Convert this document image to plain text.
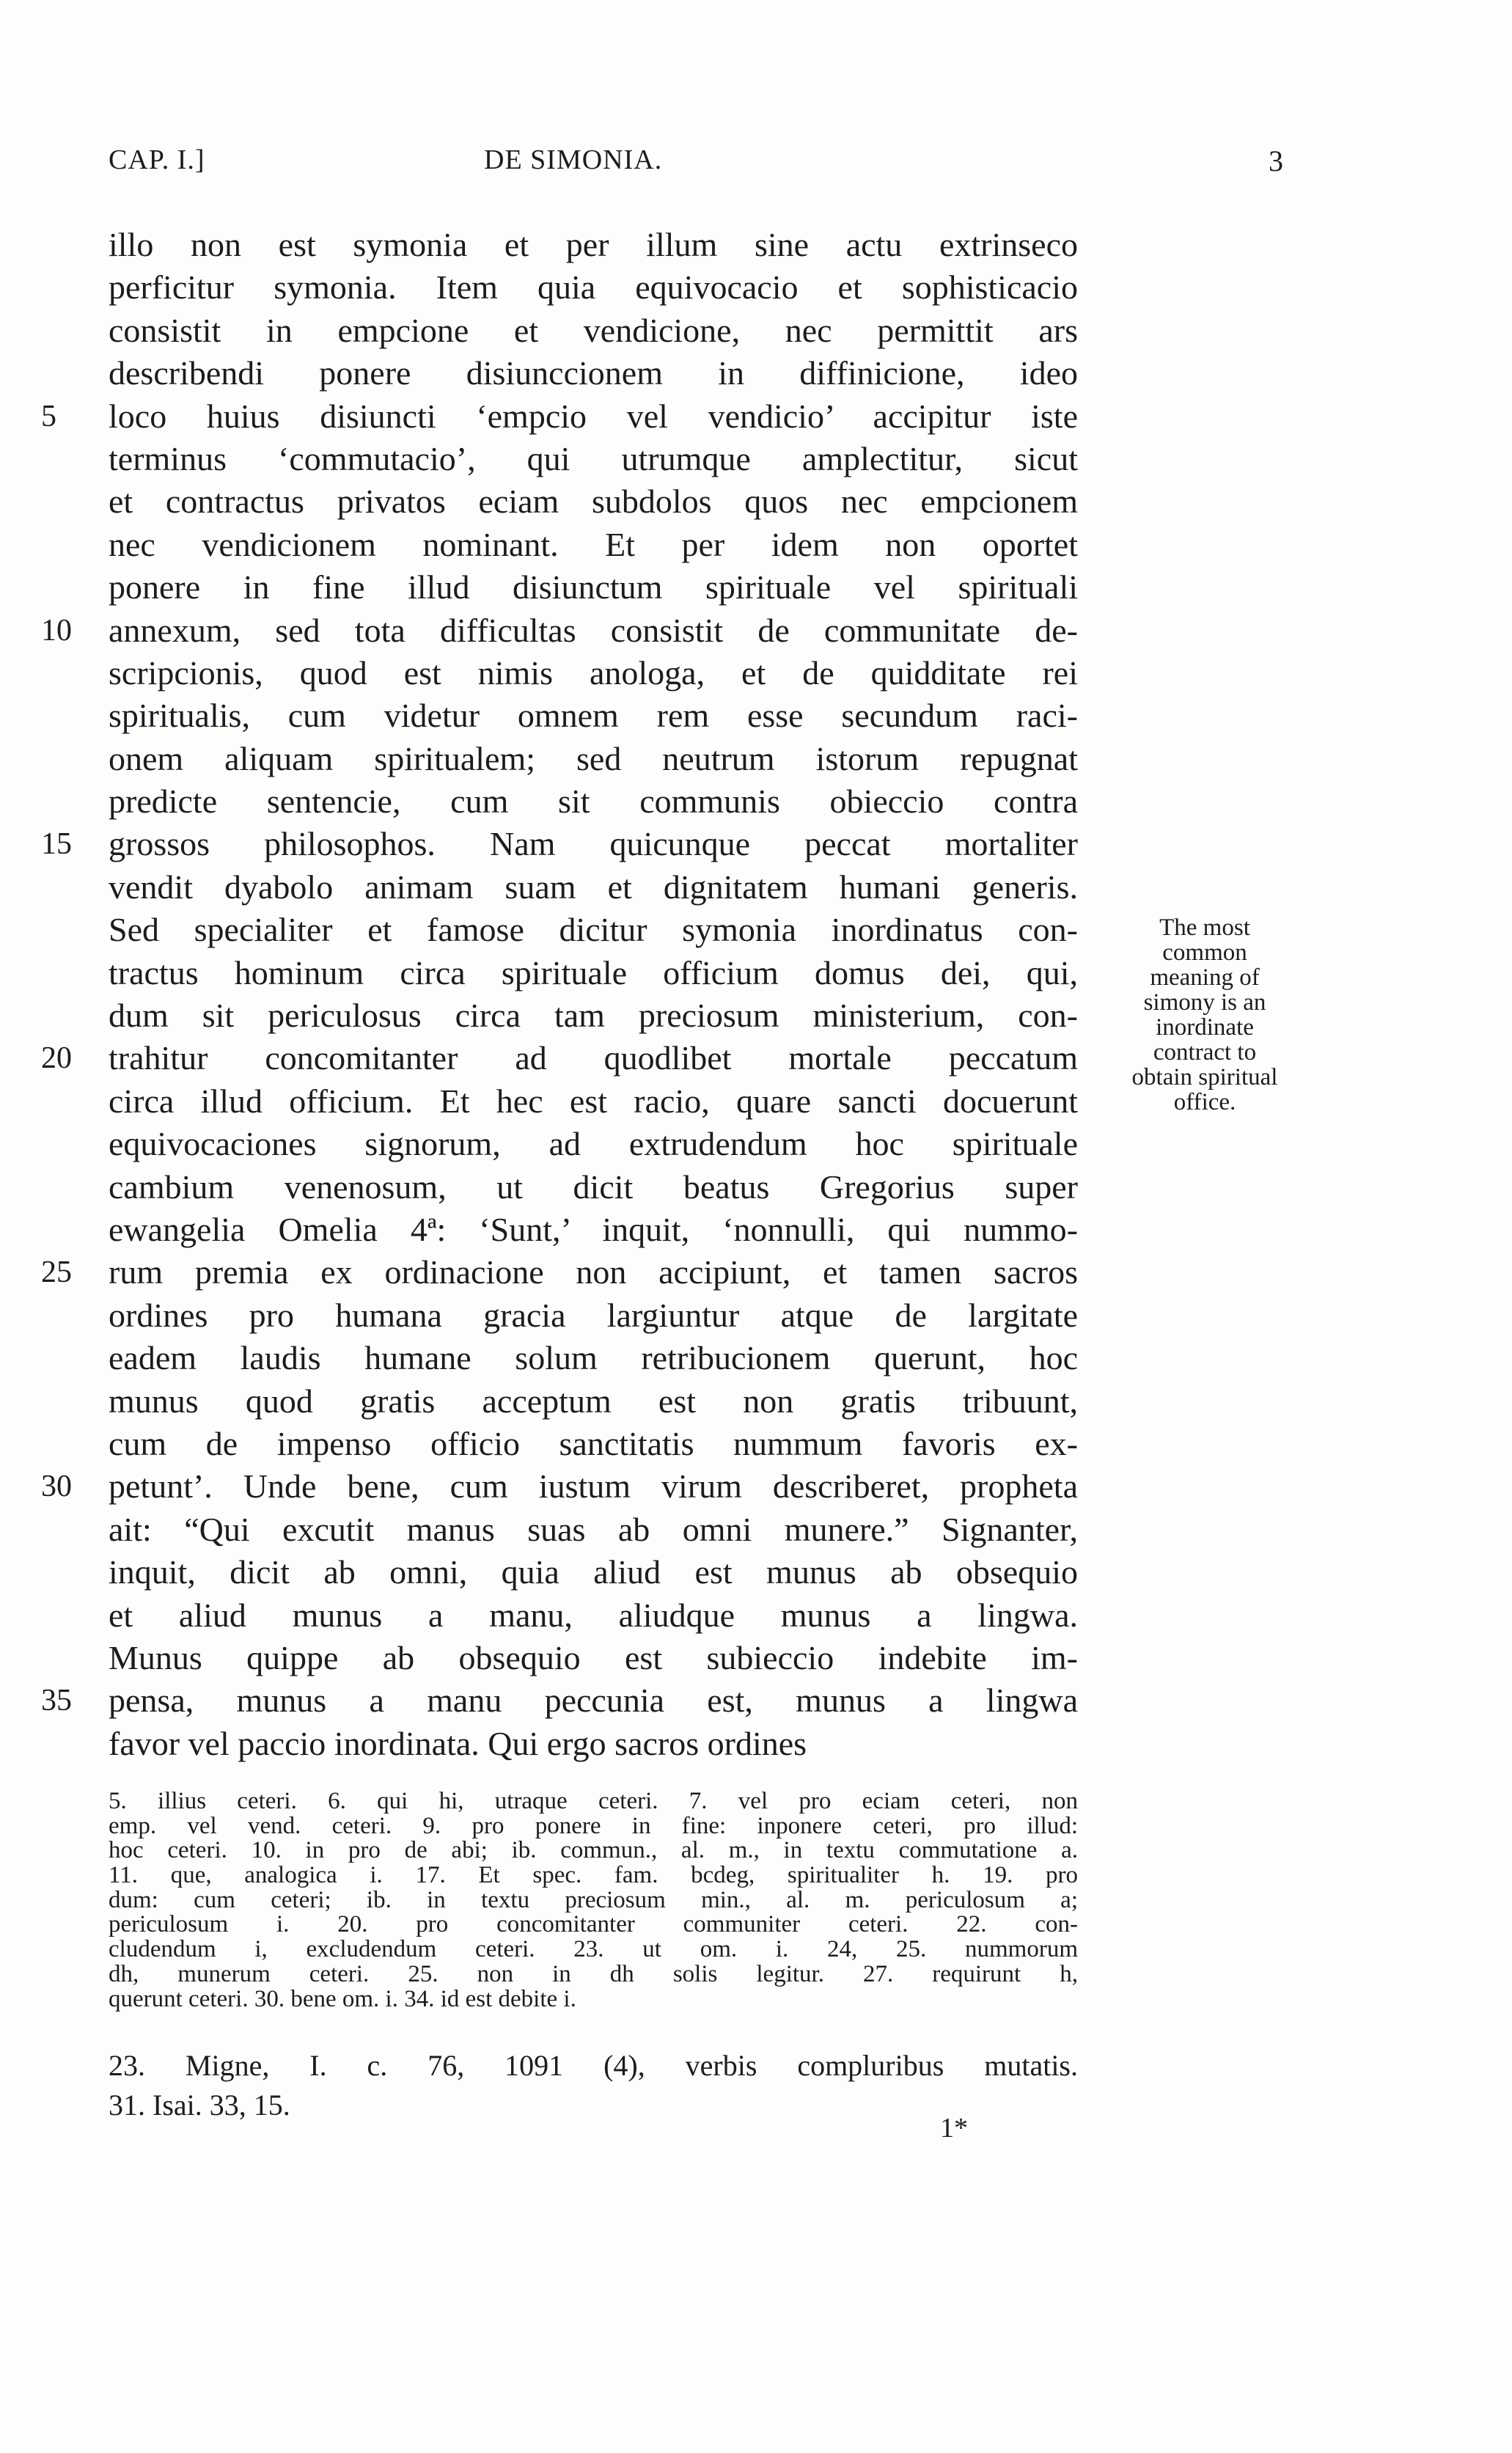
CAP. I.]	DE SIMONIA.	3
illo non est symonia et per illum sine actu extrinseco
perficitur symonia. Item quia equivocacio et sophisticacio
consistit in empcione et vendicione, nec permittit ars
describendi ponere disiunccionem in diffinicione, ideo
5	loco huius disiuncti ‘empcio vel vendicio’ accipitur iste
terminus ‘commutacio’, qui utrumque amplectitur, sicut
et contractus privatos eciam subdolos quos nec empcionem
nec vendicionem nominant. Et per idem non oportet
ponere in fine illud disiunctum spirituale vel spirituali
10	annexum, sed tota difficultas consistit de communitate de-
scripcionis, quod est nimis anologa, et de quidditate rei
spiritualis, cum videtur omnem rem esse secundum raci-
onem aliquam spiritualem; sed neutrum istorum repugnat
predicte sentencie, cum sit communis obieccio contra
15	grossos philosophos. Nam quicunque peccat mortaliter
vendit dyabolo animam suam et dignitatem humani generis.
Sed specialiter et famose dicitur symonia inordinatus con-
tractus hominum circa spirituale officium domus dei, qui,
dum sit periculosus circa tam preciosum ministerium, con-
20	trahitur concomitanter ad quodlibet mortale peccatum
circa illud officium. Et hec est racio, quare sancti docuerunt
equivocaciones signorum, ad extrudendum hoc spirituale
cambium venenosum, ut dicit beatus Gregorius super
ewangelia Omelia 4ª: ‘Sunt,’ inquit, ‘nonnulli, qui nummo-
25	rum premia ex ordinacione non accipiunt, et tamen sacros
ordines pro humana gracia largiuntur atque de largitate
eadem laudis humane solum retribucionem querunt, hoc
munus quod gratis acceptum est non gratis tribuunt,
cum de impenso officio sanctitatis nummum favoris ex-
30	petunt’. Unde bene, cum iustum virum describeret, propheta
ait: “Qui excutit manus suas ab omni munere.” Signanter,
inquit, dicit ab omni, quia aliud est munus ab obsequio
et aliud munus a manu, aliudque munus a lingwa.
Munus quippe ab obsequio est subieccio indebite im-
35	pensa, munus a manu peccunia est, munus a lingwa
favor vel paccio inordinata. Qui ergo sacros ordines
The most
common
meaning of
simony is an
inordinate
contract to
obtain spiritual
office.
5. illius ceteri. 6. qui hi, utraque ceteri. 7. vel pro eciam ceteri, non
emp. vel vend. ceteri. 9. pro ponere in fine: inponere ceteri, pro illud:
hoc ceteri. 10. in pro de abi; ib. commun., al. m., in textu commutatione a.
11. que, analogica i. 17. Et spec. fam. bcdeg, spiritualiter h. 19. pro
dum: cum ceteri; ib. in textu preciosum min., al. m. periculosum a;
periculosum i. 20. pro concomitanter communiter ceteri. 22. con-
cludendum i, excludendum ceteri. 23. ut om. i. 24, 25. nummorum
dh, munerum ceteri. 25. non in dh solis legitur. 27. requirunt h,
querunt ceteri. 30. bene om. i. 34. id est debite i.
23. Migne, I. c. 76, 1091 (4), verbis compluribus mutatis.
31. Isai. 33, 15.
1*
